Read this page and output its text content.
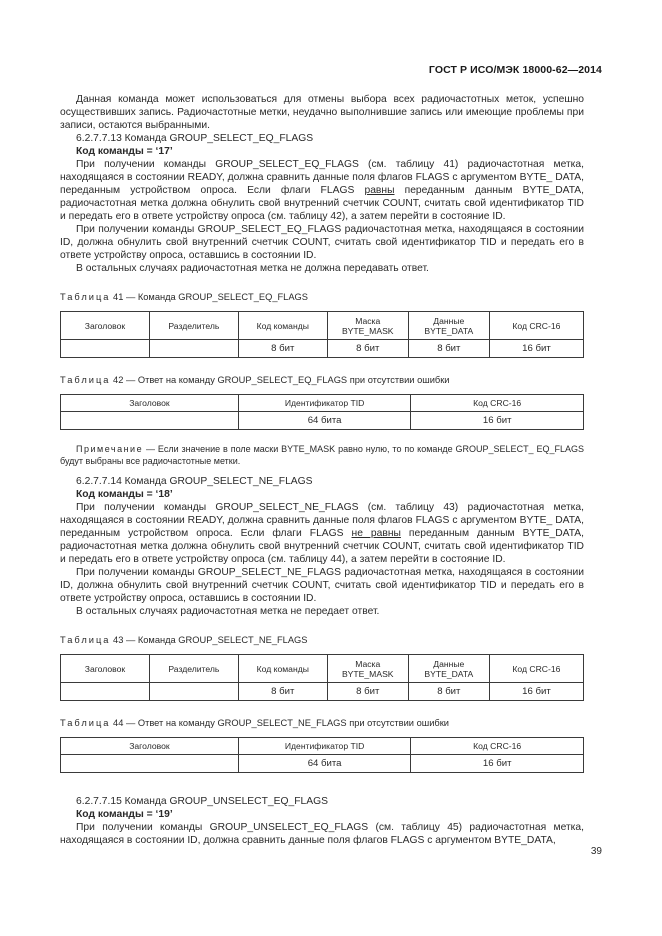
ГОСТ Р ИСО/МЭК 18000-62—2014

Данная команда может использоваться для отмены выбора всех радиочастотных меток, успешно осуществивших запись. Радиочастотные метки, неудачно выполнившие запись или имеющие проблемы при записи, остаются выбранными.

6.2.7.7.13 Команда GROUP_SELECT_EQ_FLAGS

Код команды = ‘17’

При получении команды GROUP_SELECT_EQ_FLAGS (см. таблицу 41) радиочастотная метка, находящаяся в состоянии READY, должна сравнить данные поля флагов FLAGS с аргументом BYTE_ DATA, переданным устройством опроса. Если флаги FLAGS равны переданным данным BYTE_DATA, радиочастотная метка должна обнулить свой внутренний счетчик COUNT, считать свой идентификатор TID и передать его в ответе устройству опроса (см. таблицу 42), а затем перейти в состояние ID.

При получении команды GROUP_SELECT_EQ_FLAGS радиочастотная метка, находящаяся в состоянии ID, должна обнулить свой внутренний счетчик COUNT, считать свой идентификатор TID и передать его в ответе устройству опроса, оставшись в состоянии ID.

В остальных случаях радиочастотная метка не должна передавать ответ.

Таблица 41 — Команда GROUP_SELECT_EQ_FLAGS

Заголовок	Разделитель	Код команды	Маска BYTE_MASK	Данные BYTE_DATA	Код CRC-16
		8 бит	8 бит	8 бит	16 бит

Таблица 42 — Ответ на команду GROUP_SELECT_EQ_FLAGS при отсутствии ошибки

Заголовок	Идентификатор TID	Код CRC-16
	64 бита	16 бит

Примечание — Если значение в поле маски BYTE_MASK равно нулю, то по команде GROUP_SELECT_ EQ_FLAGS будут выбраны все радиочастотные метки.

6.2.7.7.14 Команда GROUP_SELECT_NE_FLAGS

Код команды = ‘18’

При получении команды GROUP_SELECT_NE_FLAGS (см. таблицу 43) радиочастотная метка, находящаяся в состоянии READY, должна сравнить данные поля флагов FLAGS с аргументом BYTE_ DATA, переданным устройством опроса. Если флаги FLAGS не равны переданным данным BYTE_DATA, радиочастотная метка должна обнулить свой внутренний счетчик COUNT, считать свой идентификатор TID и передать его в ответе устройству опроса (см. таблицу 44), а затем перейти в состояние ID.

При получении команды GROUP_SELECT_NE_FLAGS радиочастотная метка, находящаяся в состоянии ID, должна обнулить свой внутренний счетчик COUNT, считать свой идентификатор TID и передать его в ответе устройству опроса, оставшись в состоянии ID.

В остальных случаях радиочастотная метка не передает ответ.

Таблица 43 — Команда GROUP_SELECT_NE_FLAGS

Заголовок	Разделитель	Код команды	Маска BYTE_MASK	Данные BYTE_DATA	Код CRC-16
		8 бит	8 бит	8 бит	16 бит

Таблица 44 — Ответ на команду GROUP_SELECT_NE_FLAGS при отсутствии ошибки

Заголовок	Идентификатор TID	Код CRC-16
	64 бита	16 бит

6.2.7.7.15 Команда GROUP_UNSELECT_EQ_FLAGS

Код команды = ‘19’

При получении команды GROUP_UNSELECT_EQ_FLAGS (см. таблицу 45) радиочастотная метка, находящаяся в состоянии ID, должна сравнить данные поля флагов FLAGS с аргументом BYTE_DATA,

39
